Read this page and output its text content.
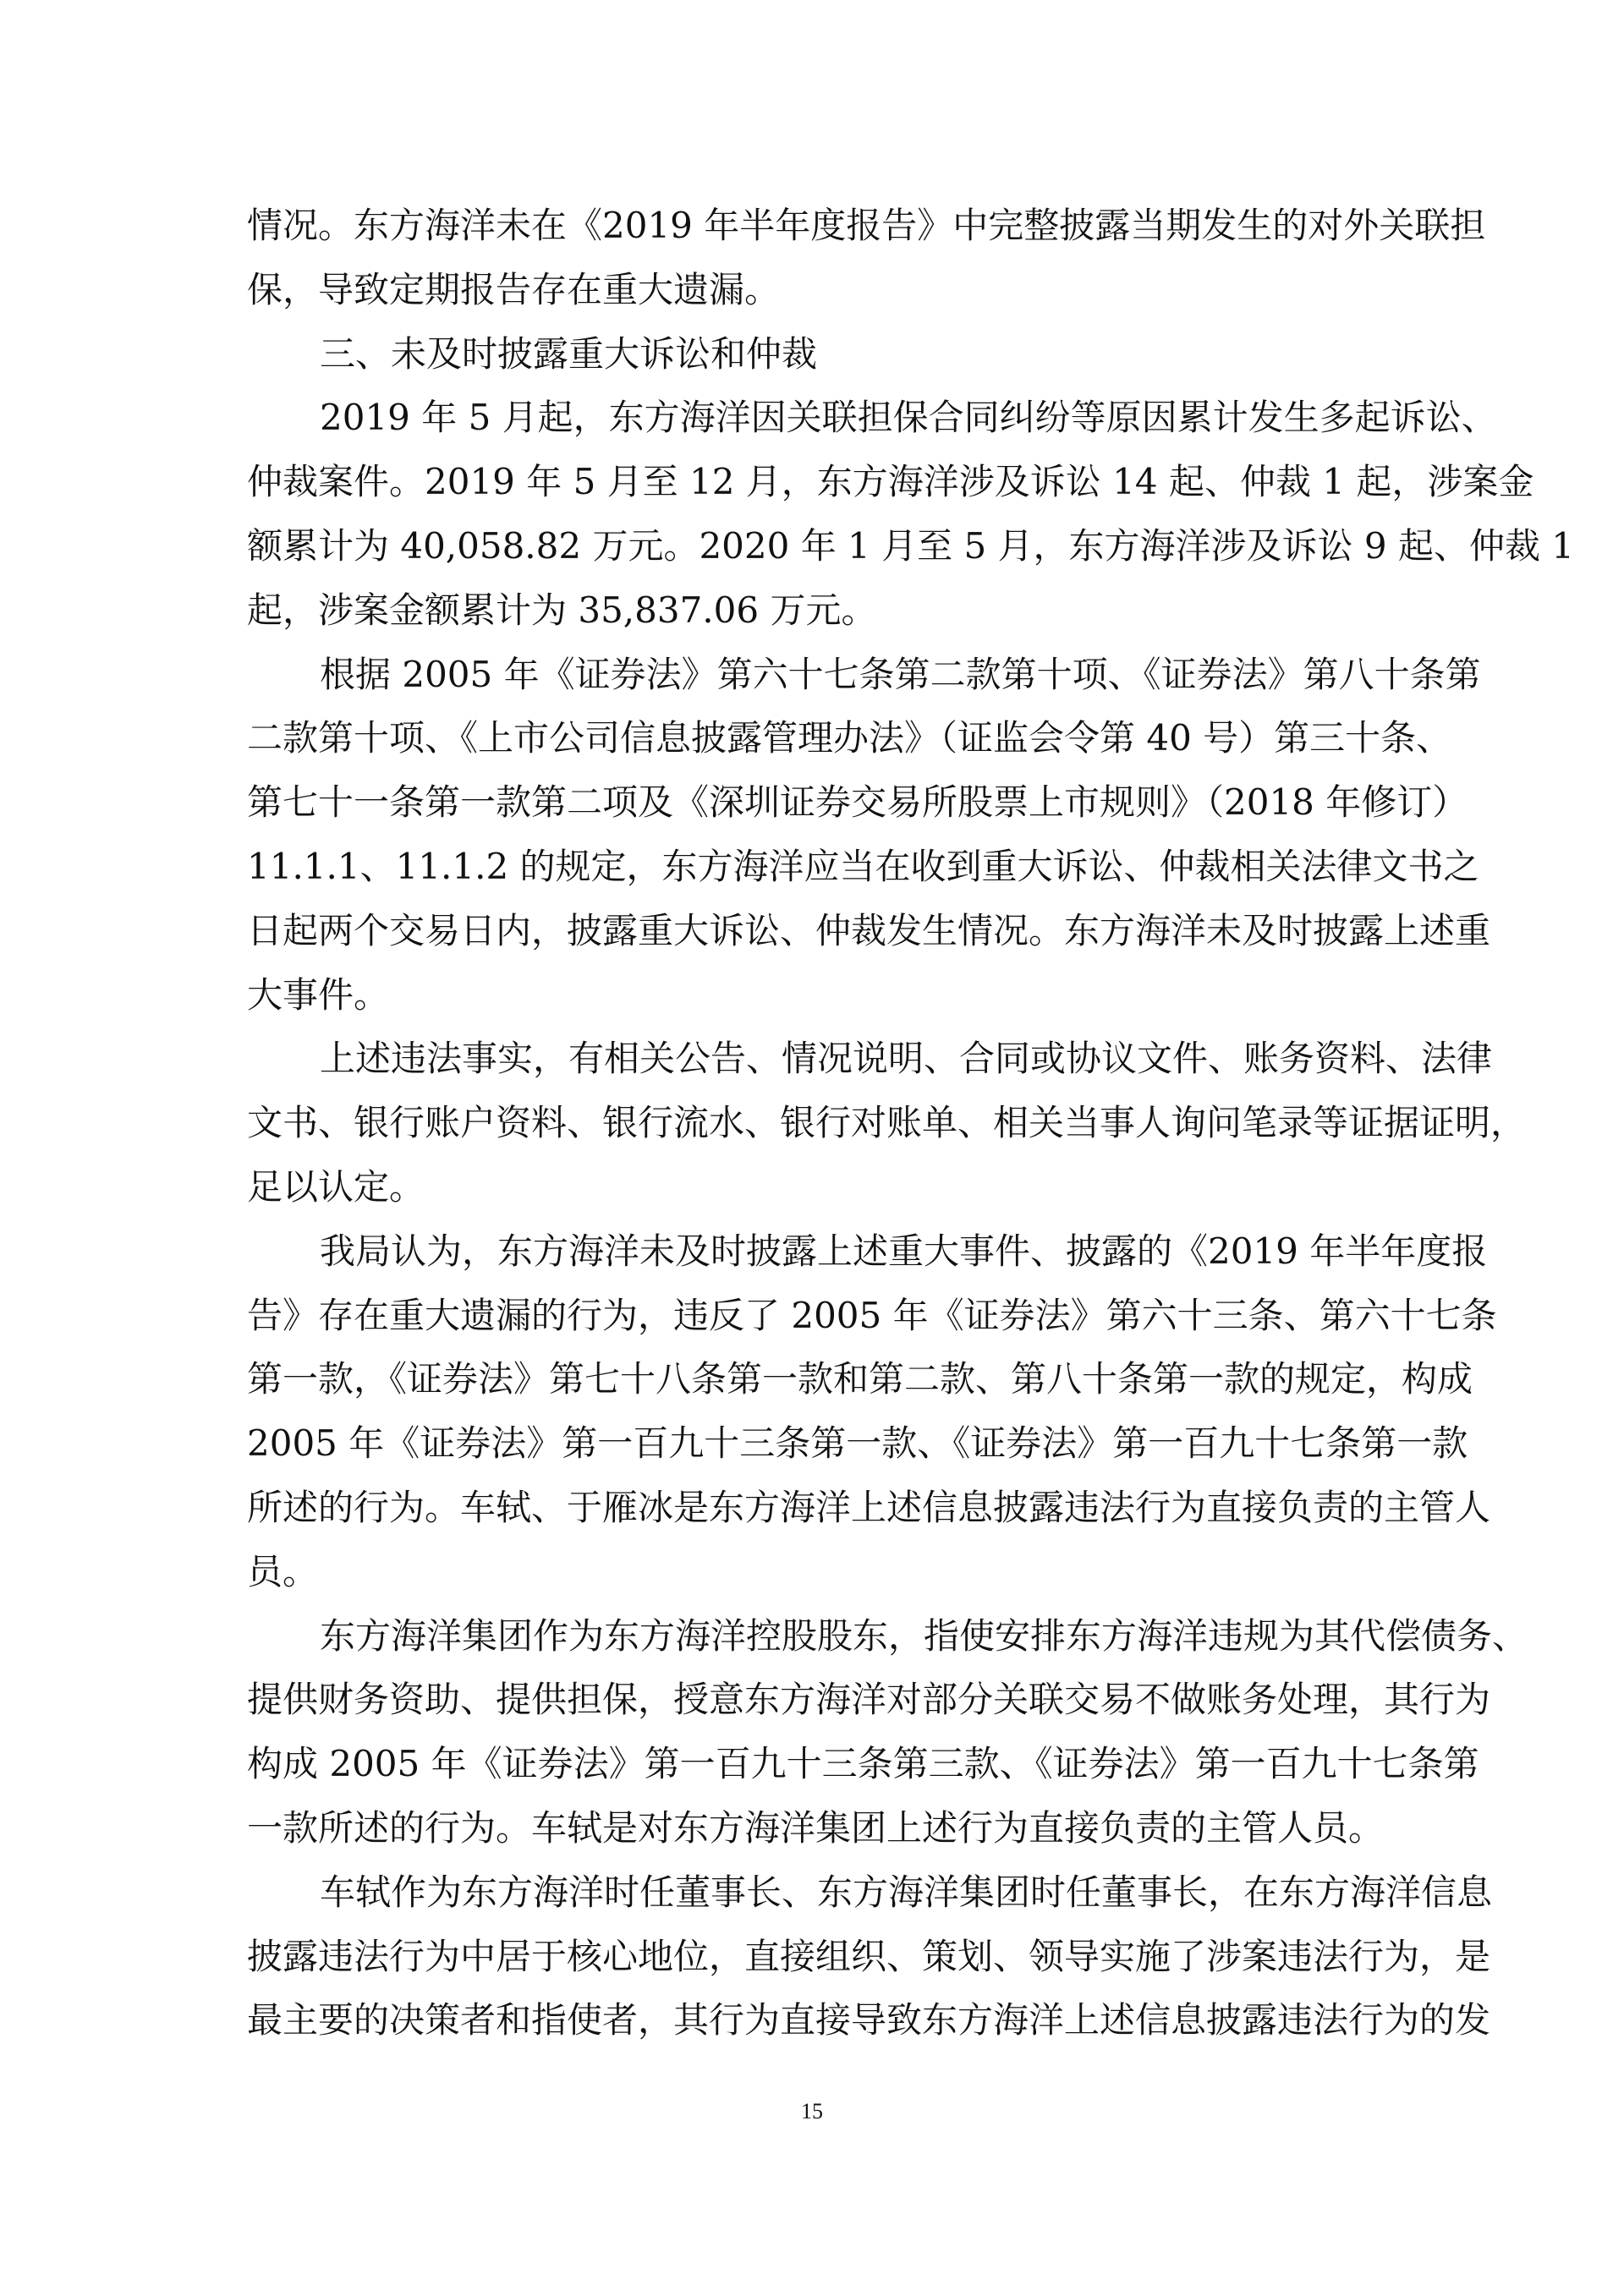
情况。东方海洋未在《2019 年半年度报告》中完整披露当期发生的对外关联担
保，导致定期报告存在重大遗漏。
三、未及时披露重大诉讼和仲裁
2019 年 5 月起，东方海洋因关联担保合同纠纷等原因累计发生多起诉讼、
仲裁案件。2019 年 5 月至 12 月，东方海洋涉及诉讼 14 起、仲裁 1 起，涉案金
额累计为 40,058.82 万元。2020 年 1 月至 5 月，东方海洋涉及诉讼 9 起、仲裁 1
起，涉案金额累计为 35,837.06 万元。
根据 2005 年《证券法》第六十七条第二款第十项、《证券法》第八十条第
二款第十项、《上市公司信息披露管理办法》（证监会令第 40 号）第三十条、
第七十一条第一款第二项及《深圳证券交易所股票上市规则》（2018 年修订）
11.1.1、11.1.2 的规定，东方海洋应当在收到重大诉讼、仲裁相关法律文书之
日起两个交易日内，披露重大诉讼、仲裁发生情况。东方海洋未及时披露上述重
大事件。
上述违法事实，有相关公告、情况说明、合同或协议文件、账务资料、法律
文书、银行账户资料、银行流水、银行对账单、相关当事人询问笔录等证据证明，
足以认定。
我局认为，东方海洋未及时披露上述重大事件、披露的《2019 年半年度报
告》存在重大遗漏的行为，违反了 2005 年《证券法》第六十三条、第六十七条
第一款，《证券法》第七十八条第一款和第二款、第八十条第一款的规定，构成
2005 年《证券法》第一百九十三条第一款、《证券法》第一百九十七条第一款
所述的行为。车轼、于雁冰是东方海洋上述信息披露违法行为直接负责的主管人
员。
东方海洋集团作为东方海洋控股股东，指使安排东方海洋违规为其代偿债务、
提供财务资助、提供担保，授意东方海洋对部分关联交易不做账务处理，其行为
构成 2005 年《证券法》第一百九十三条第三款、《证券法》第一百九十七条第
一款所述的行为。车轼是对东方海洋集团上述行为直接负责的主管人员。
车轼作为东方海洋时任董事长、东方海洋集团时任董事长，在东方海洋信息
披露违法行为中居于核心地位，直接组织、策划、领导实施了涉案违法行为，是
最主要的决策者和指使者，其行为直接导致东方海洋上述信息披露违法行为的发
15
